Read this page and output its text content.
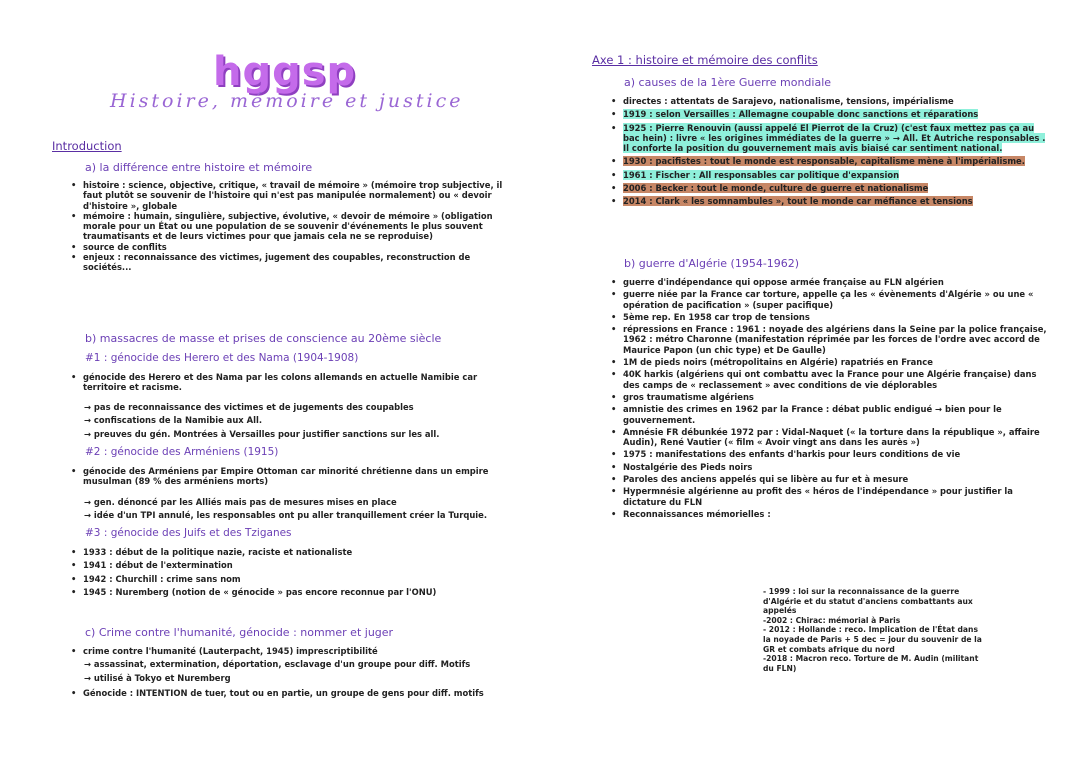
hggsp
Histoire, mémoire et justice
Introduction
a) la différence entre histoire et mémoire
• histoire : science, objective, critique, « travail de mémoire » (mémoire trop subjective, il faut plutôt se souvenir de l'histoire qui n'est pas manipulée normalement) ou « devoir d'histoire », globale
• mémoire : humain, singulière, subjective, évolutive, « devoir de mémoire » (obligation morale pour un État ou une population de se souvenir d'événements le plus souvent traumatisants et de leurs victimes pour que jamais cela ne se reproduise)
• source de conflits
• enjeux : reconnaissance des victimes, jugement des coupables, reconstruction de sociétés...
b) massacres de masse et prises de conscience au 20ème siècle
#1 : génocide des Herero et des Nama (1904-1908)
• génocide des Herero et des Nama par les colons allemands en actuelle Namibie car territoire et racisme.
→ pas de reconnaissance des victimes et de jugements des coupables
→ confiscations de la Namibie aux All.
→ preuves du gén. Montrées à Versailles pour justifier sanctions sur les all.
#2 : génocide des Arméniens (1915)
• génocide des Arméniens par Empire Ottoman car minorité chrétienne dans un empire musulman (89 % des arméniens morts)
→ gen. dénoncé par les Alliés mais pas de mesures mises en place
→ idée d'un TPI annulé, les responsables ont pu aller tranquillement créer la Turquie.
#3 : génocide des Juifs et des Tziganes
• 1933 : début de la politique nazie, raciste et nationaliste
• 1941 : début de l'extermination
• 1942 : Churchill : crime sans nom
• 1945 : Nuremberg (notion de « génocide » pas encore reconnue par l'ONU)
c) Crime contre l'humanité, génocide : nommer et juger
• crime contre l'humanité (Lauterpacht, 1945) imprescriptibilité
→ assassinat, extermination, déportation, esclavage d'un groupe pour diff. Motifs
→ utilisé à Tokyo et Nuremberg
• Génocide : INTENTION de tuer, tout ou en partie, un groupe de gens pour diff. motifs
Axe 1 : histoire et mémoire des conflits
a) causes de la 1ère Guerre mondiale
• directes : attentats de Sarajevo, nationalisme, tensions, impérialisme
• 1919 : selon Versailles : Allemagne coupable donc sanctions et réparations
• 1925 : Pierre Renouvin (aussi appelé El Pierrot de la Cruz) (c'est faux mettez pas ça au bac hein) : livre « les origines immédiates de la guerre » → All. Et Autriche responsables . Il conforte la position du gouvernement mais avis biaisé car sentiment national.
• 1930 : pacifistes : tout le monde est responsable, capitalisme mène à l'impérialisme.
• 1961 : Fischer : All responsables car politique d'expansion
• 2006 : Becker : tout le monde, culture de guerre et nationalisme
• 2014 : Clark « les somnambules », tout le monde car méfiance et tensions
b) guerre d'Algérie (1954-1962)
• guerre d'indépendance qui oppose armée française au FLN algérien
• guerre niée par la France car torture, appelle ça les « évènements d'Algérie » ou une « opération de pacification » (super pacifique)
• 5ème rep. En 1958 car trop de tensions
• répressions en France : 1961 : noyade des algériens dans la Seine par la police française, 1962 : métro Charonne (manifestation réprimée par les forces de l'ordre avec accord de Maurice Papon (un chic type) et De Gaulle)
• 1M de pieds noirs (métropolitains en Algérie) rapatriés en France
• 40K harkis (algériens qui ont combattu avec la France pour une Algérie française) dans des camps de « reclassement » avec conditions de vie déplorables
• gros traumatisme algériens
• amnistie des crimes en 1962 par la France : débat public endigué → bien pour le gouvernement.
• Amnésie FR débunkée 1972 par : Vidal-Naquet (« la torture dans la république », affaire Audin), René Vautier (« film « Avoir vingt ans dans les aurès »)
• 1975 : manifestations des enfants d'harkis pour leurs conditions de vie
• Nostalgérie des Pieds noirs
• Paroles des anciens appelés qui se libère au fur et à mesure
• Hypermnésie algérienne au profit des « héros de l'indépendance » pour justifier la dictature du FLN
• Reconnaissances mémorielles :
- 1999 : loi sur la reconnaissance de la guerre d'Algérie et du statut d'anciens combattants aux appelés
-2002 : Chirac: mémorial à Paris
- 2012 : Hollande : reco. Implication de l'État dans la noyade de Paris + 5 dec = jour du souvenir de la GR et combats afrique du nord
-2018 : Macron reco. Torture de M. Audin (militant du FLN)
